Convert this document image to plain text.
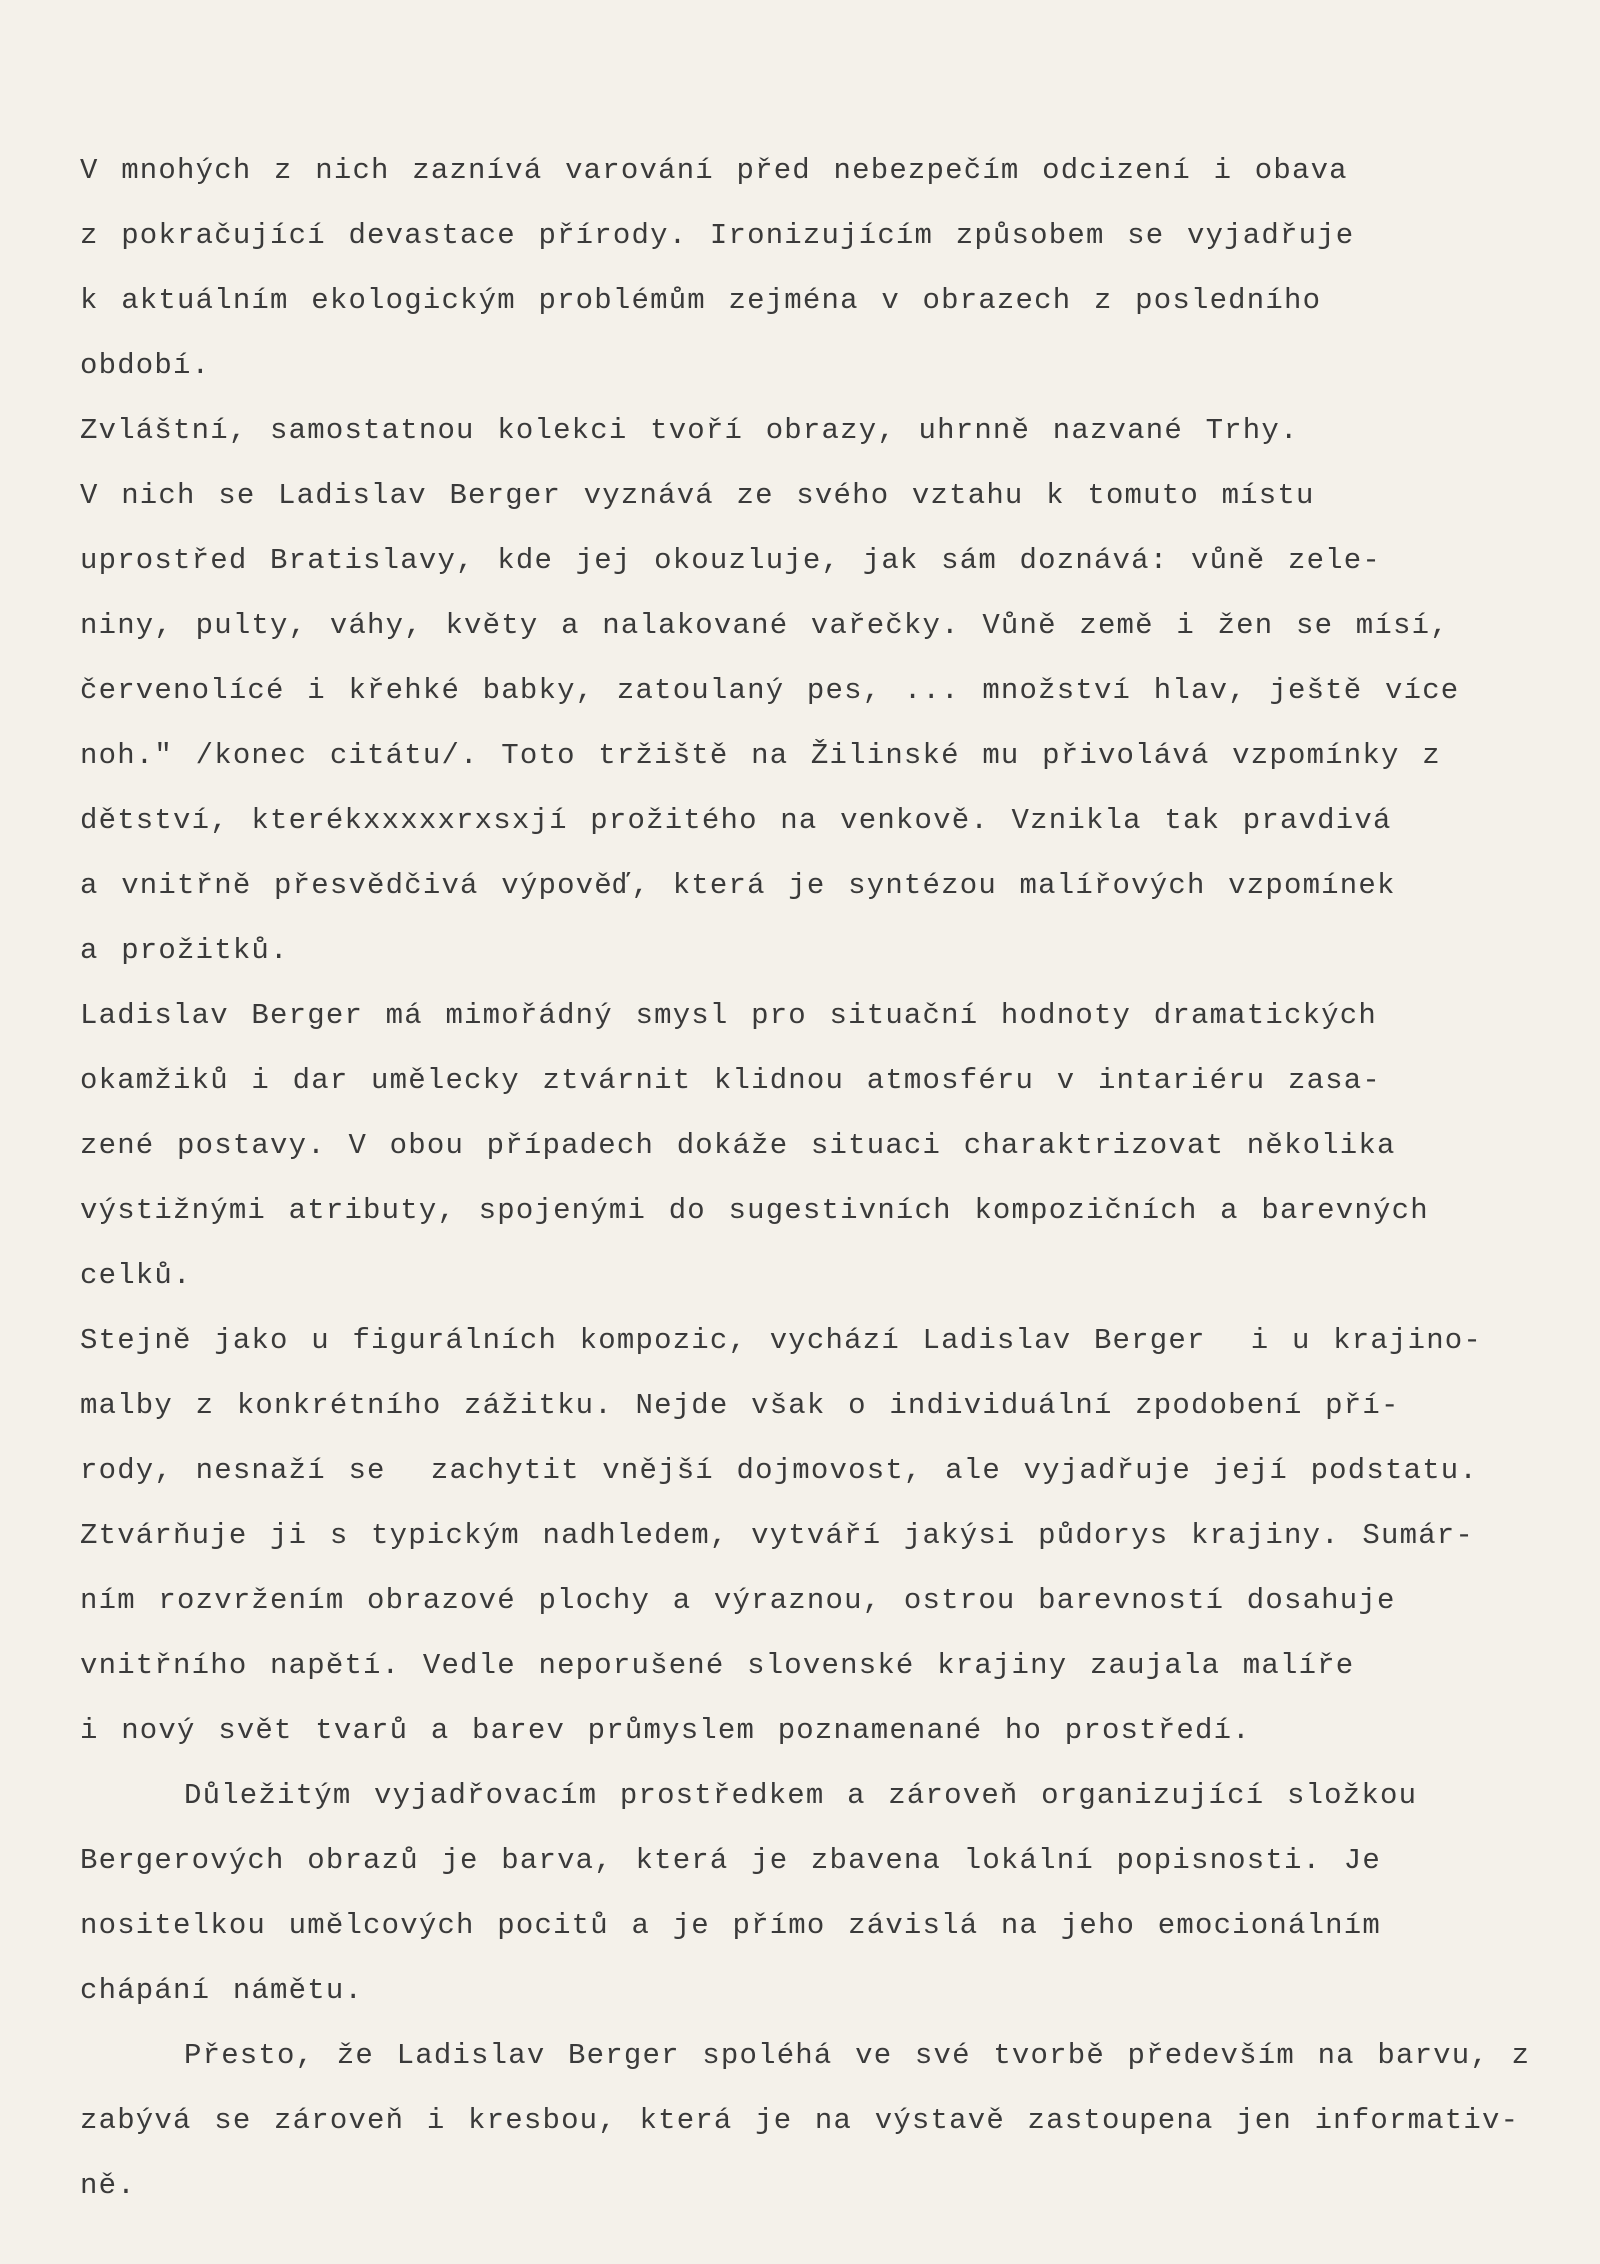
V mnohých z nich zaznívá varování před nebezpečím odcizení i obava
z pokračující devastace přírody. Ironizujícím způsobem se vyjadřuje
k aktuálním ekologickým problémům zejména v obrazech z posledního
období.
Zvláštní, samostatnou kolekci tvoří obrazy, uhrnně nazvané Trhy.
V nich se Ladislav Berger vyznává ze svého vztahu k tomuto místu
uprostřed Bratislavy, kde jej okouzluje, jak sám doznává: vůně zele-
niny, pulty, váhy, květy a nalakované vařečky. Vůně země i žen se mísí,
červenolícé i křehké babky, zatoulaný pes, ... množství hlav, ještě více
noh." /konec citátu/. Toto tržiště na Žilinské mu přivolává vzpomínky z
dětství, kterékxxxxxrxsxjí prožitého na venkově. Vznikla tak pravdivá
a vnitřně přesvědčivá výpověď, která je syntézou malířových vzpomínek
a prožitků.
Ladislav Berger má mimořádný smysl pro situační hodnoty dramatických
okamžiků i dar umělecky ztvárnit klidnou atmosféru v intariéru zasa-
zené postavy. V obou případech dokáže situaci charaktrizovat několika
výstižnými atributy, spojenými do sugestivních kompozičních a barevných
celků.
Stejně jako u figurálních kompozic, vychází Ladislav Berger  i u krajino-
malby z konkrétního zážitku. Nejde však o individuální zpodobení pří-
rody, nesnaží se  zachytit vnější dojmovost, ale vyjadřuje její podstatu.
Ztvárňuje ji s typickým nadhledem, vytváří jakýsi půdorys krajiny. Sumár-
ním rozvržením obrazové plochy a výraznou, ostrou barevností dosahuje
vnitřního napětí. Vedle neporušené slovenské krajiny zaujala malíře
i nový svět tvarů a barev průmyslem poznamenané ho prostředí.
Důležitým vyjadřovacím prostředkem a zároveň organizující složkou
Bergerových obrazů je barva, která je zbavena lokální popisnosti. Je
nositelkou umělcových pocitů a je přímo závislá na jeho emocionálním
chápání námětu.
Přesto, že Ladislav Berger spoléhá ve své tvorbě především na barvu, z
zabývá se zároveň i kresbou, která je na výstavě zastoupena jen informativ-
ně.
